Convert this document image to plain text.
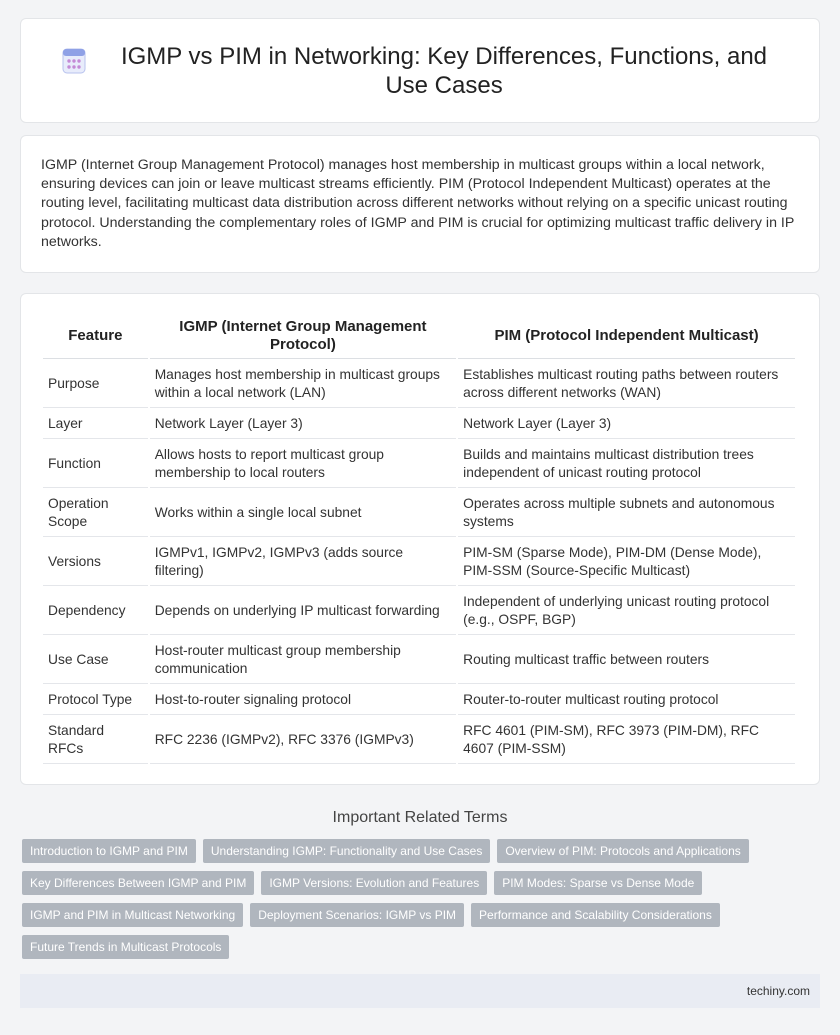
IGMP vs PIM in Networking: Key Differences, Functions, and Use Cases

IGMP (Internet Group Management Protocol) manages host membership in multicast groups within a local network, ensuring devices can join or leave multicast streams efficiently. PIM (Protocol Independent Multicast) operates at the routing level, facilitating multicast data distribution across different networks without relying on a specific unicast routing protocol. Understanding the complementary roles of IGMP and PIM is crucial for optimizing multicast traffic delivery in IP networks.

Feature	IGMP (Internet Group Management Protocol)	PIM (Protocol Independent Multicast)
Purpose	Manages host membership in multicast groups within a local network (LAN)	Establishes multicast routing paths between routers across different networks (WAN)
Layer	Network Layer (Layer 3)	Network Layer (Layer 3)
Function	Allows hosts to report multicast group membership to local routers	Builds and maintains multicast distribution trees independent of unicast routing protocol
Operation Scope	Works within a single local subnet	Operates across multiple subnets and autonomous systems
Versions	IGMPv1, IGMPv2, IGMPv3 (adds source filtering)	PIM-SM (Sparse Mode), PIM-DM (Dense Mode), PIM-SSM (Source-Specific Multicast)
Dependency	Depends on underlying IP multicast forwarding	Independent of underlying unicast routing protocol (e.g., OSPF, BGP)
Use Case	Host-router multicast group membership communication	Routing multicast traffic between routers
Protocol Type	Host-to-router signaling protocol	Router-to-router multicast routing protocol
Standard RFCs	RFC 2236 (IGMPv2), RFC 3376 (IGMPv3)	RFC 4601 (PIM-SM), RFC 3973 (PIM-DM), RFC 4607 (PIM-SSM)
Important Related Terms
Introduction to IGMP and PIM	Understanding IGMP: Functionality and Use Cases	Overview of PIM: Protocols and Applications
Key Differences Between IGMP and PIM	IGMP Versions: Evolution and Features	PIM Modes: Sparse vs Dense Mode
IGMP and PIM in Multicast Networking	Deployment Scenarios: IGMP vs PIM	Performance and Scalability Considerations
Future Trends in Multicast Protocols
techiny.com
